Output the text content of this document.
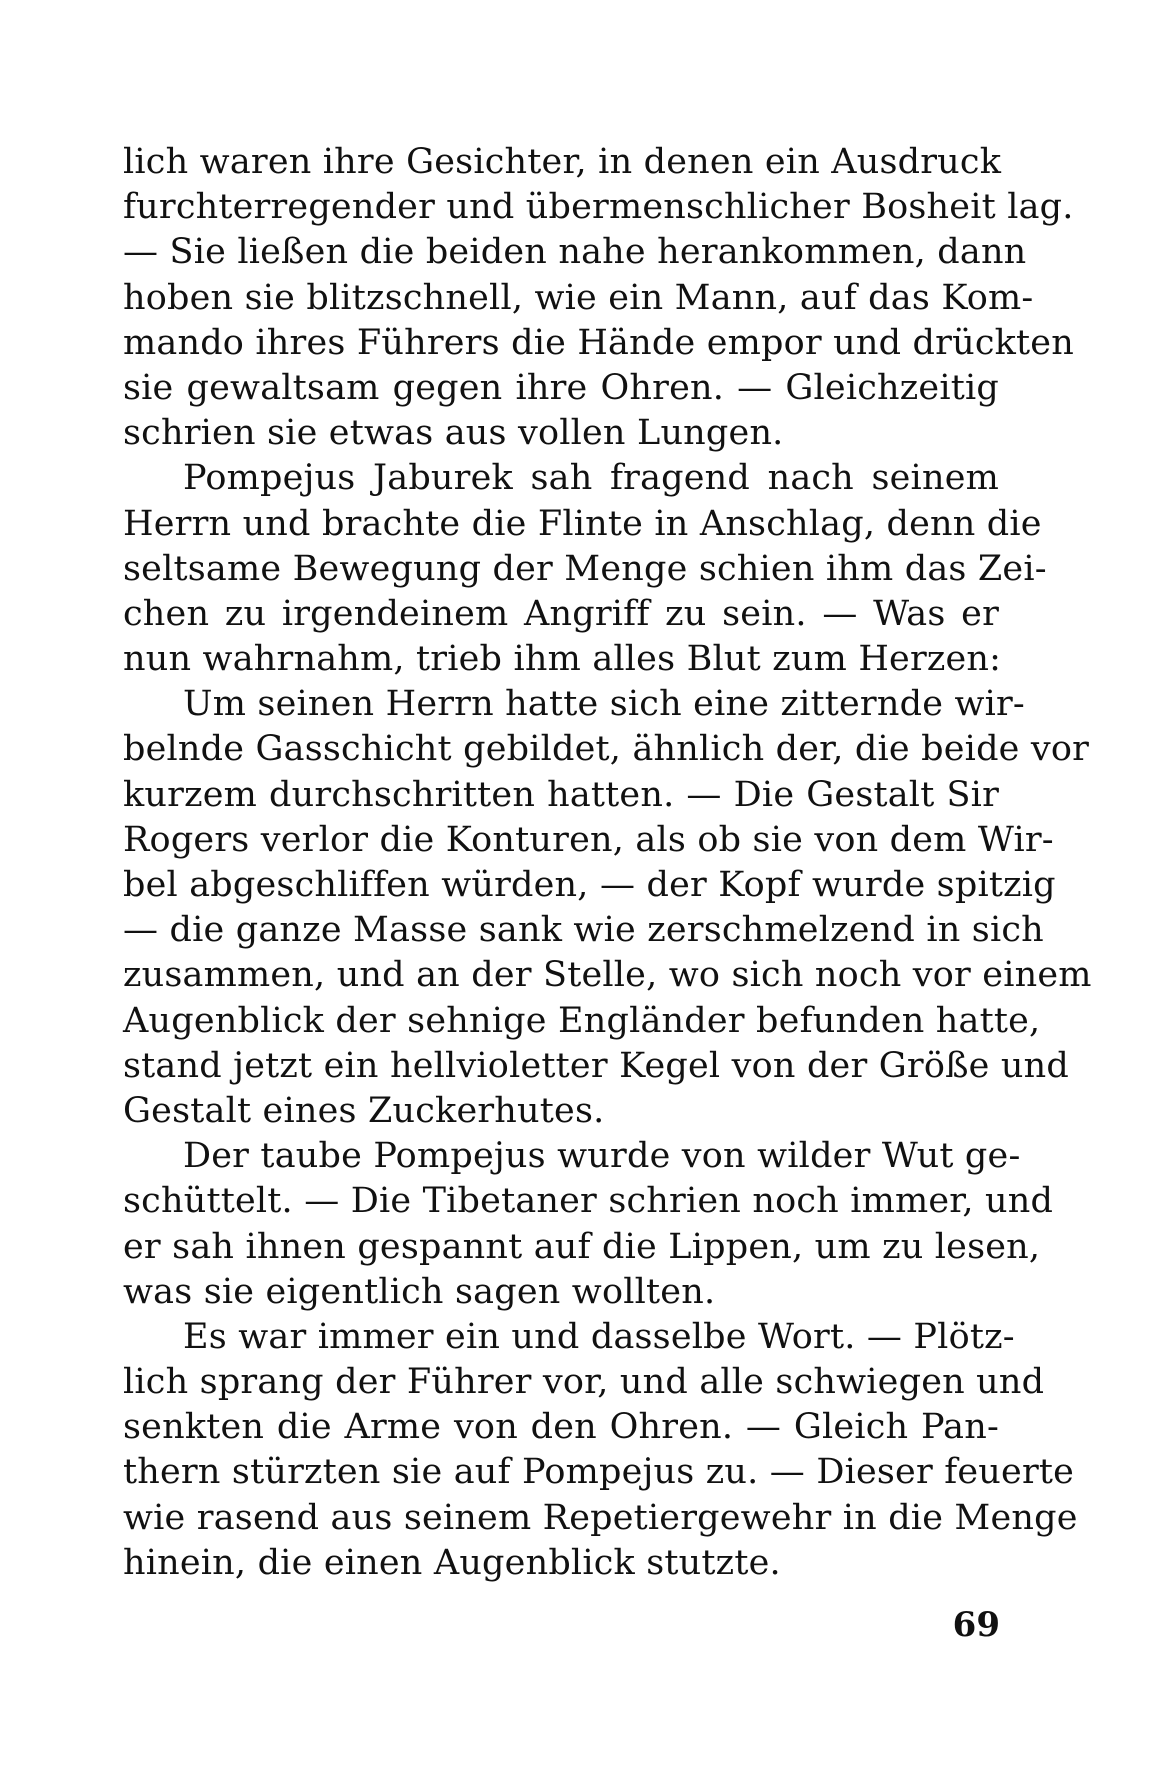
lich waren ihre Gesichter, in denen ein Ausdruck
furchterregender und übermenschlicher Bosheit lag.
— Sie ließen die beiden nahe herankommen, dann
hoben sie blitzschnell, wie ein Mann, auf das Kom-
mando ihres Führers die Hände empor und drückten
sie gewaltsam gegen ihre Ohren. — Gleichzeitig
schrien sie etwas aus vollen Lungen.
Pompejus Jaburek sah fragend nach seinem
Herrn und brachte die Flinte in Anschlag, denn die
seltsame Bewegung der Menge schien ihm das Zei-
chen zu irgendeinem Angriff zu sein. — Was er
nun wahrnahm, trieb ihm alles Blut zum Herzen:
Um seinen Herrn hatte sich eine zitternde wir-
belnde Gasschicht gebildet, ähnlich der, die beide vor
kurzem durchschritten hatten. — Die Gestalt Sir
Rogers verlor die Konturen, als ob sie von dem Wir-
bel abgeschliffen würden, — der Kopf wurde spitzig
— die ganze Masse sank wie zerschmelzend in sich
zusammen, und an der Stelle, wo sich noch vor einem
Augenblick der sehnige Engländer befunden hatte,
stand jetzt ein hellvioletter Kegel von der Größe und
Gestalt eines Zuckerhutes.
Der taube Pompejus wurde von wilder Wut ge-
schüttelt. — Die Tibetaner schrien noch immer, und
er sah ihnen gespannt auf die Lippen, um zu lesen,
was sie eigentlich sagen wollten.
Es war immer ein und dasselbe Wort. — Plötz-
lich sprang der Führer vor, und alle schwiegen und
senkten die Arme von den Ohren. — Gleich Pan-
thern stürzten sie auf Pompejus zu. — Dieser feuerte
wie rasend aus seinem Repetiergewehr in die Menge
hinein, die einen Augenblick stutzte.
69
